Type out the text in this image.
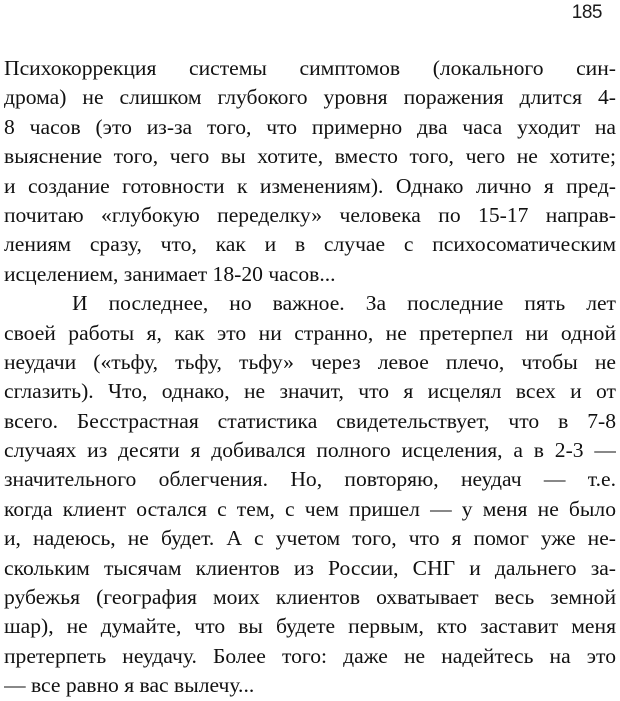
185
Психокоррекция системы симптомов (локального син-
дрома) не слишком глубокого уровня поражения длится 4-
8 часов (это из-за того, что примерно два часа уходит на
выяснение того, чего вы хотите, вместо того, чего не хотите;
и создание готовности к изменениям). Однако лично я пред-
почитаю «глубокую переделку» человека по 15-17 направ-
лениям сразу, что, как и в случае с психосоматическим
исцелением, занимает 18-20 часов...
И последнее, но важное. За последние пять лет
своей работы я, как это ни странно, не претерпел ни одной
неудачи («тьфу, тьфу, тьфу» через левое плечо, чтобы не
сглазить). Что, однако, не значит, что я исцелял всех и от
всего. Бесстрастная статистика свидетельствует, что в 7-8
случаях из десяти я добивался полного исцеления, а в 2-3 —
значительного облегчения. Но, повторяю, неудач — т.е.
когда клиент остался с тем, с чем пришел — у меня не было
и, надеюсь, не будет. А с учетом того, что я помог уже не-
скольким тысячам клиентов из России, СНГ и дальнего за-
рубежья (география моих клиентов охватывает весь земной
шар), не думайте, что вы будете первым, кто заставит меня
претерпеть неудачу. Более того: даже не надейтесь на это
— все равно я вас вылечу...
